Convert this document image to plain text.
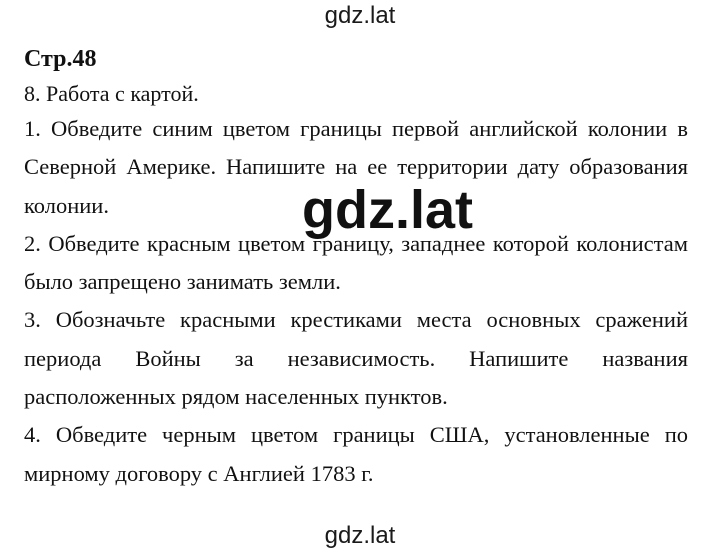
gdz.lat

Стр.48

8. Работа с картой.

1. Обведите синим цветом границы первой английской колонии в Северной Америке. Напишите на ее территории дату образования колонии.

2. Обведите красным цветом границу, западнее которой колонистам было запрещено занимать земли.

3. Обозначьте красными крестиками места основных сражений периода Войны за независимость. Напишите названия расположенных рядом населенных пунктов.

4. Обведите черным цветом границы США, установленные по мирному договору с Англией 1783 г.

gdz.lat
gdz.lat
